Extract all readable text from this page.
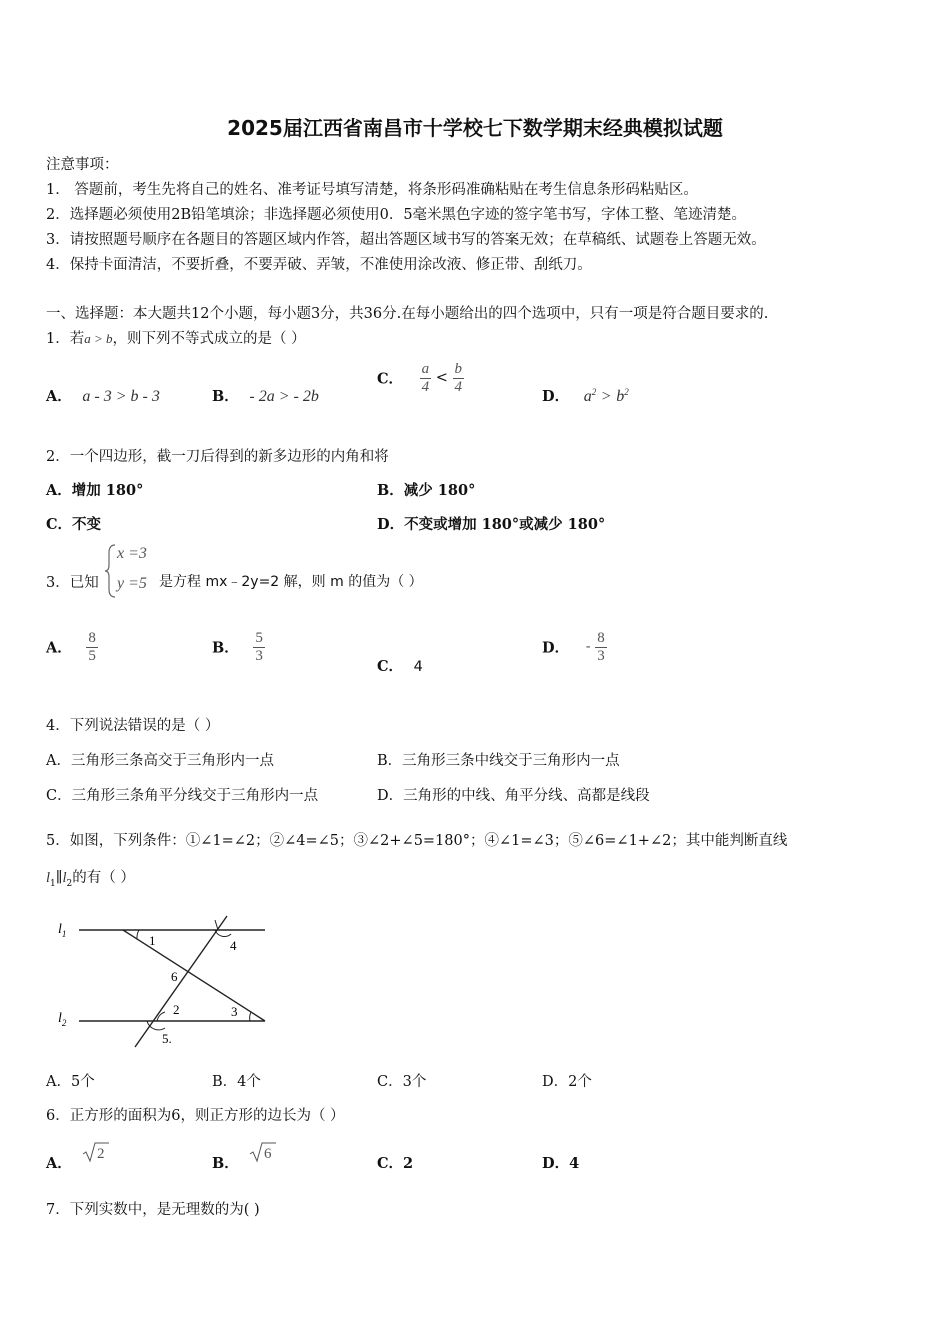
2025届江西省南昌市十学校七下数学期末经典模拟试题
注意事项：
1． 答题前，考生先将自己的姓名、准考证号填写清楚，将条形码准确粘贴在考生信息条形码粘贴区。
2．选择题必须使用2B铅笔填涂；非选择题必须使用0．5毫米黑色字迹的签字笔书写，字体工整、笔迹清楚。
3．请按照题号顺序在各题目的答题区域内作答，超出答题区域书写的答案无效；在草稿纸、试题卷上答题无效。
4．保持卡面清洁，不要折叠，不要弄破、弄皱，不准使用涂改液、修正带、刮纸刀。
一、选择题：本大题共12个小题，每小题3分，共36分.在每小题给出的四个选项中，只有一项是符合题目要求的.
1．若a > b，则下列不等式成立的是（ ）
A． a - 3 > b - 3	B． - 2a > - 2b
C． $\frac{a}{4} < \frac{b}{4}$
D． $a^2 > b^2$
2．一个四边形，截一刀后得到的新多边形的内角和将
A．增加 180°	B．减少 180°
C．不变	D．不变或增加 180°或减少 180°
3．已知
x =3
y =5 是方程 mx﹣2y=2 解，则 m 的值为（ ）
A． $\frac{8}{5}$	B． $\frac{5}{3}$
C． 4
D． - $\frac{8}{3}$
4．下列说法错误的是（ ）
A．三角形三条高交于三角形内一点	B．三角形三条中线交于三角形内一点
C．三角形三条角平分线交于三角形内一点	D．三角形的中线、角平分线、高都是线段
5．如图，下列条件：①∠1=∠2；②∠4=∠5；③∠2+∠5=180°；④∠1=∠3；⑤∠6=∠1+∠2；其中能判断直线
$l_1\parallel l_2$的有（ ）
$l_1$
$l_2$
1	4
6
2	3
5.
A．5个	B．4个	C．3个	D．2个
6．正方形的面积为6，则正方形的边长为（ ）
A．
2
B．
6
C．2	D．4
7．下列实数中，是无理数的为( )
